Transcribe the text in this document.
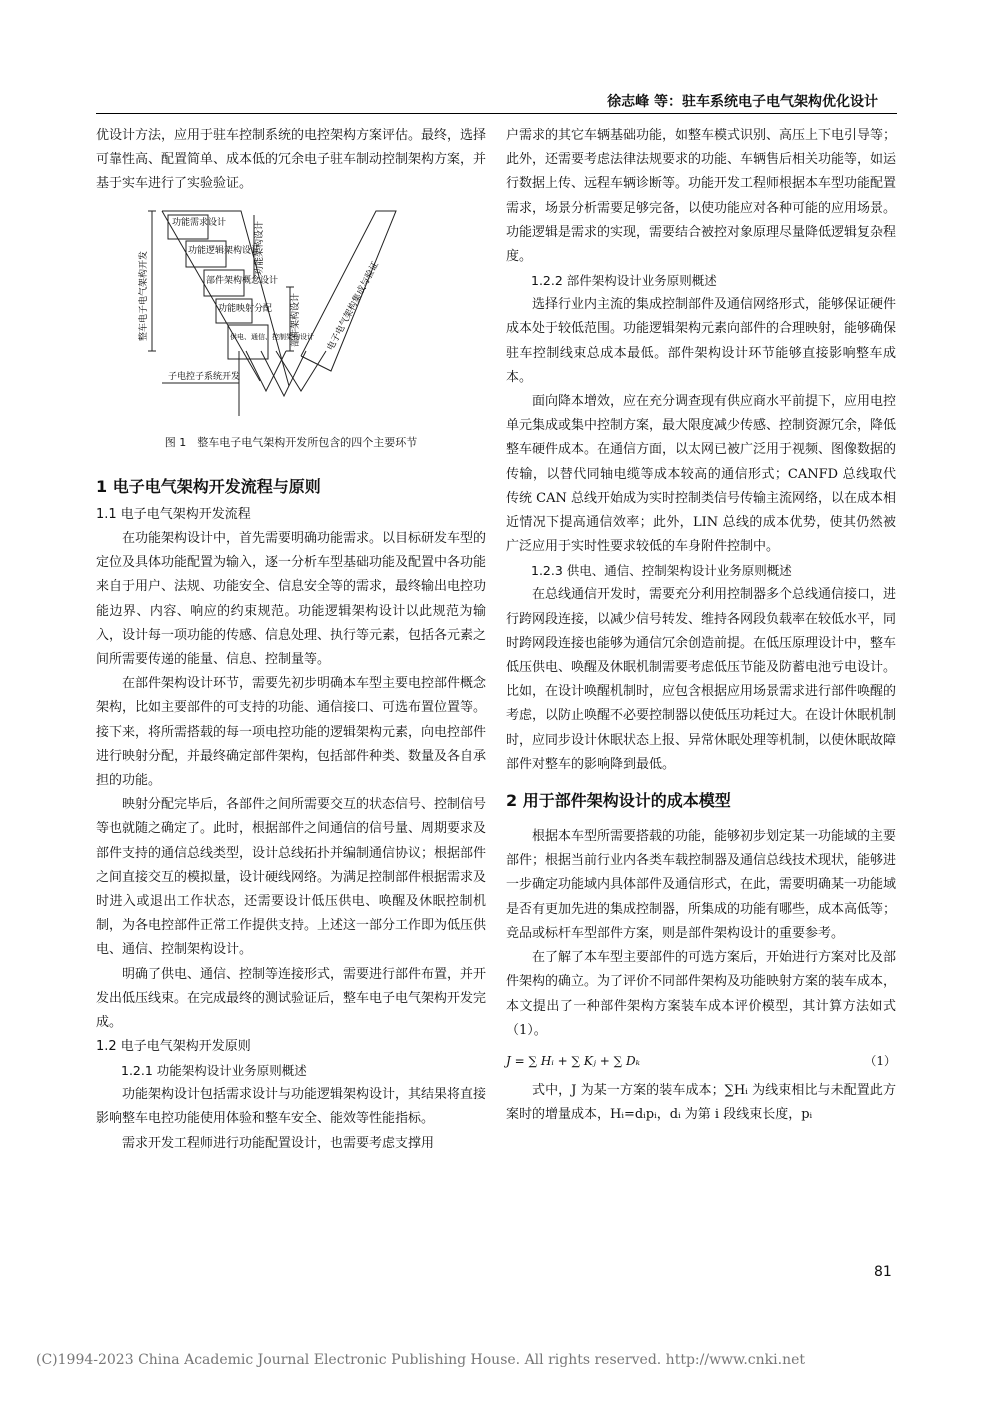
徐志峰 等：驻车系统电子电气架构优化设计

优设计方法，应用于驻车控制系统的电控架构方案评估。最终，选择可靠性高、配置简单、成本低的冗余电子驻车制动控制架构方案，并基于实车进行了实验验证。

功能需求设计
功能逻辑架构设计
部件架构概念设计
功能映射分配
供电、通信、控制架构设计
整车电子电气架构开发
功能架构设计
部件架构设计	电子电气架构集成与验证
子电控子系统开发
图 1　整车电子电气架构开发所包含的四个主要环节
1 电子电气架构开发流程与原则
1.1 电子电气架构开发流程

在功能架构设计中，首先需要明确功能需求。以目标研发车型的定位及具体功能配置为输入，逐一分析车型基础功能及配置中各功能来自于用户、法规、功能安全、信息安全等的需求，最终输出电控功能边界、内容、响应的约束规范。功能逻辑架构设计以此规范为输入，设计每一项功能的传感、信息处理、执行等元素，包括各元素之间所需要传递的能量、信息、控制量等。

在部件架构设计环节，需要先初步明确本车型主要电控部件概念架构，比如主要部件的可支持的功能、通信接口、可选布置位置等。接下来，将所需搭载的每一项电控功能的逻辑架构元素，向电控部件进行映射分配，并最终确定部件架构，包括部件种类、数量及各自承担的功能。

映射分配完毕后，各部件之间所需要交互的状态信号、控制信号等也就随之确定了。此时，根据部件之间通信的信号量、周期要求及部件支持的通信总线类型，设计总线拓扑并编制通信协议；根据部件之间直接交互的模拟量，设计硬线网络。为满足控制部件根据需求及时进入或退出工作状态，还需要设计低压供电、唤醒及休眠控制机制，为各电控部件正常工作提供支持。上述这一部分工作即为低压供电、通信、控制架构设计。

明确了供电、通信、控制等连接形式，需要进行部件布置，并开发出低压线束。在完成最终的测试验证后，整车电子电气架构开发完成。

1.2 电子电气架构开发原则
1.2.1 功能架构设计业务原则概述

功能架构设计包括需求设计与功能逻辑架构设计，其结果将直接影响整车电控功能使用体验和整车安全、能效等性能指标。

需求开发工程师进行功能配置设计，也需要考虑支撑用

户需求的其它车辆基础功能，如整车模式识别、高压上下电引导等；此外，还需要考虑法律法规要求的功能、车辆售后相关功能等，如运行数据上传、远程车辆诊断等。功能开发工程师根据本车型功能配置需求，场景分析需要足够完备，以使功能应对各种可能的应用场景。功能逻辑是需求的实现，需要结合被控对象原理尽量降低逻辑复杂程度。

1.2.2 部件架构设计业务原则概述

选择行业内主流的集成控制部件及通信网络形式，能够保证硬件成本处于较低范围。功能逻辑架构元素向部件的合理映射，能够确保驻车控制线束总成本最低。部件架构设计环节能够直接影响整车成本。

面向降本增效，应在充分调查现有供应商水平前提下，应用电控单元集成或集中控制方案，最大限度减少传感、控制资源冗余，降低整车硬件成本。在通信方面，以太网已被广泛用于视频、图像数据的传输，以替代同轴电缆等成本较高的通信形式；CANFD 总线取代传统 CAN 总线开始成为实时控制类信号传输主流网络，以在成本相近情况下提高通信效率；此外，LIN 总线的成本优势，使其仍然被广泛应用于实时性要求较低的车身附件控制中。

1.2.3 供电、通信、控制架构设计业务原则概述

在总线通信开发时，需要充分利用控制器多个总线通信接口，进行跨网段连接，以减少信号转发、维持各网段负载率在较低水平，同时跨网段连接也能够为通信冗余创造前提。在低压原理设计中，整车低压供电、唤醒及休眠机制需要考虑低压节能及防蓄电池亏电设计。比如，在设计唤醒机制时，应包含根据应用场景需求进行部件唤醒的考虑，以防止唤醒不必要控制器以使低压功耗过大。在设计休眠机制时，应同步设计休眠状态上报、异常休眠处理等机制，以使休眠故障部件对整车的影响降到最低。

2 用于部件架构设计的成本模型

根据本车型所需要搭载的功能，能够初步划定某一功能域的主要部件；根据当前行业内各类车载控制器及通信总线技术现状，能够进一步确定功能域内具体部件及通信形式，在此，需要明确某一功能域是否有更加先进的集成控制器，所集成的功能有哪些，成本高低等；竞品或标杆车型部件方案，则是部件架构设计的重要参考。

在了解了本车型主要部件的可选方案后，开始进行方案对比及部件架构的确立。为了评价不同部件架构及功能映射方案的装车成本，本文提出了一种部件架构方案装车成本评价模型，其计算方法如式（1）。

J = ∑ Hᵢ + ∑ Kⱼ + ∑ Dₖ	（1）

式中，J 为某一方案的装车成本；∑Hᵢ 为线束相比与未配置此方案时的增量成本，Hᵢ=dᵢpᵢ，dᵢ 为第 i 段线束长度，pᵢ

81
(C)1994-2023 China Academic Journal Electronic Publishing House. All rights reserved. http://www.cnki.net
